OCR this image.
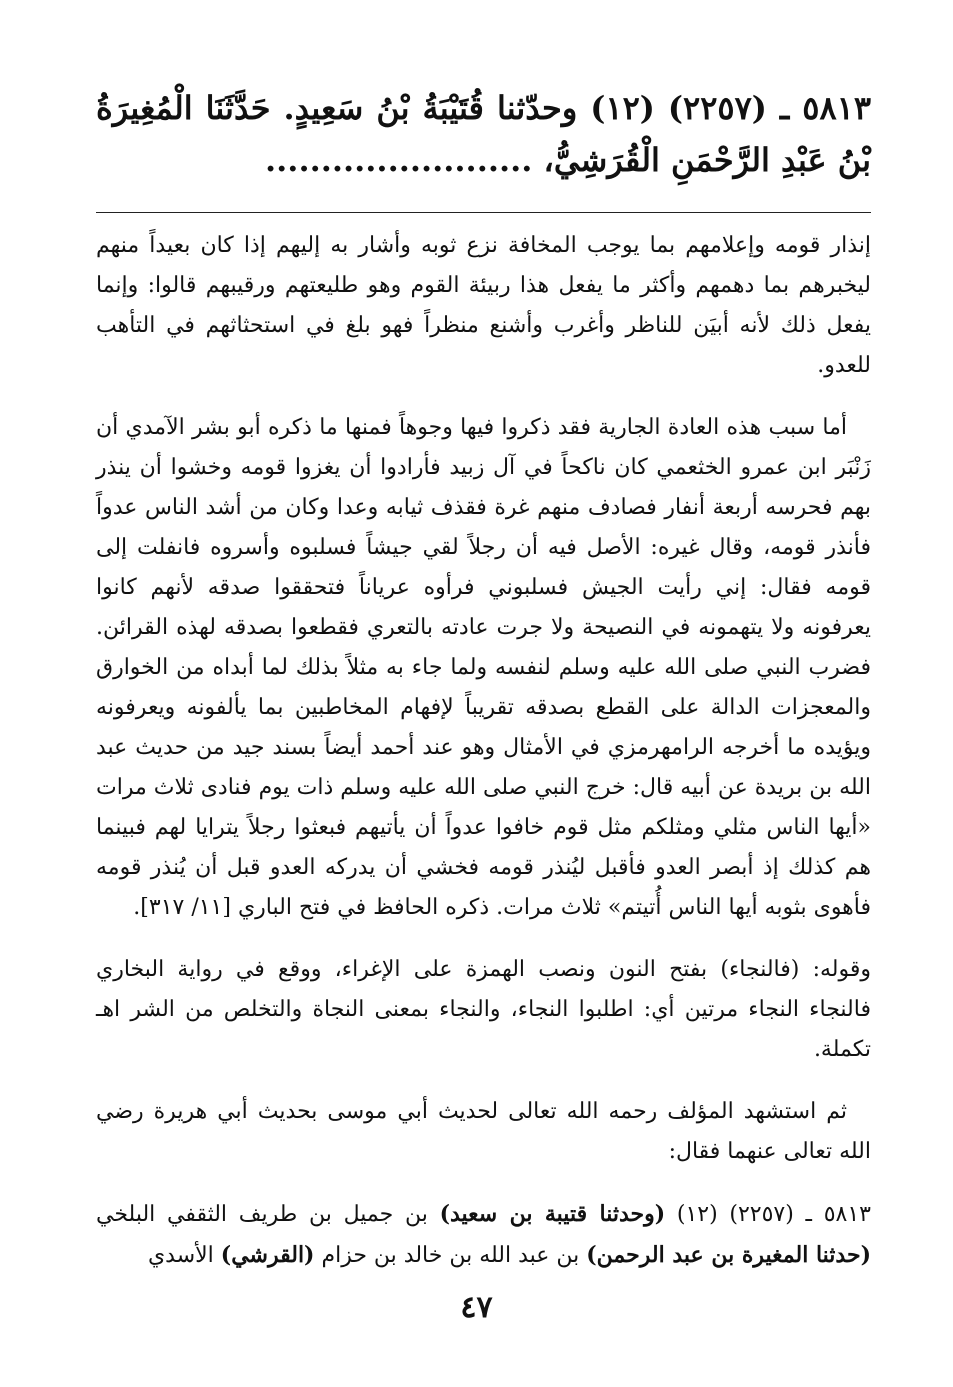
٥٨١٣ ـ (٢٢٥٧) (١٢) وحدّثنا قُتَيْبَةُ بْنُ سَعِيدٍ. حَدَّثَنَا الْمُغِيرَةُ بْنُ عَبْدِ الرَّحْمَنِ الْقُرَشِيُّ، ........................

إنذار قومه وإعلامهم بما يوجب المخافة نزع ثوبه وأشار به إليهم إذا كان بعيداً منهم ليخبرهم بما دهمهم وأكثر ما يفعل هذا ربيئة القوم وهو طليعتهم ورقيبهم قالوا: وإنما يفعل ذلك لأنه أبيَن للناظر وأغرب وأشنع منظراً فهو بلغ في استحثاثهم في التأهب للعدو.

أما سبب هذه العادة الجارية فقد ذكروا فيها وجوهاً فمنها ما ذكره أبو بشر الآمدي أن زَنْبَر ابن عمرو الخثعمي كان ناكحاً في آل زبيد فأرادوا أن يغزوا قومه وخشوا أن ينذر بهم فحرسه أربعة أنفار فصادف منهم غرة فقذف ثيابه وعدا وكان من أشد الناس عدواً فأنذر قومه، وقال غيره: الأصل فيه أن رجلاً لقي جيشاً فسلبوه وأسروه فانفلت إلى قومه فقال: إني رأيت الجيش فسلبوني فرأوه عرياناً فتحققوا صدقه لأنهم كانوا يعرفونه ولا يتهمونه في النصيحة ولا جرت عادته بالتعري فقطعوا بصدقه لهذه القرائن. فضرب النبي صلى الله عليه وسلم لنفسه ولما جاء به مثلاً بذلك لما أبداه من الخوارق والمعجزات الدالة على القطع بصدقه تقريباً لإفهام المخاطبين بما يألفونه ويعرفونه ويؤيده ما أخرجه الرامهرمزي في الأمثال وهو عند أحمد أيضاً بسند جيد من حديث عبد الله بن بريدة عن أبيه قال: خرج النبي صلى الله عليه وسلم ذات يوم فنادى ثلاث مرات «أيها الناس مثلي ومثلكم مثل قوم خافوا عدواً أن يأتيهم فبعثوا رجلاً يترايا لهم فبينما هم كذلك إذ أبصر العدو فأقبل ليُنذر قومه فخشي أن يدركه العدو قبل أن يُنذر قومه فأهوى بثوبه أيها الناس أُتيتم» ثلاث مرات. ذكره الحافظ في فتح الباري [١١/ ٣١٧].

وقوله: (فالنجاء) بفتح النون ونصب الهمزة على الإغراء، ووقع في رواية البخاري فالنجاء النجاء مرتين أي: اطلبوا النجاء، والنجاء بمعنى النجاة والتخلص من الشر اهـ تكملة.

ثم استشهد المؤلف رحمه الله تعالى لحديث أبي موسى بحديث أبي هريرة رضي الله تعالى عنهما فقال:

٥٨١٣ ـ (٢٢٥٧) (١٢) (وحدثنا قتيبة بن سعيد) بن جميل بن طريف الثقفي البلخي (حدثنا المغيرة بن عبد الرحمن) بن عبد الله بن خالد بن حزام (القرشي) الأسدي

٤٧
